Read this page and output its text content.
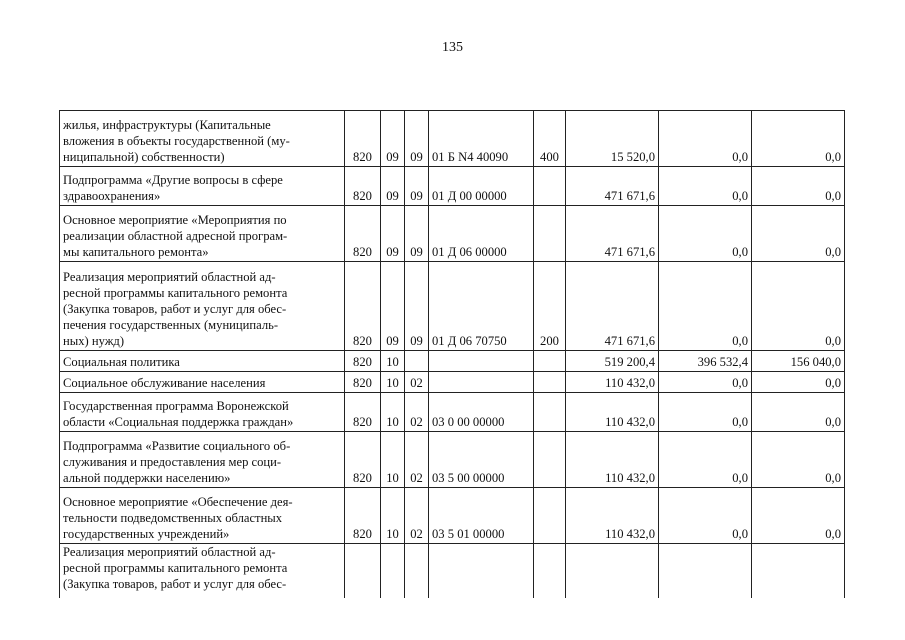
135
жилья, инфраструктуры (Капитальные
вложения в объекты государственной (му-
ниципальной) собственности)	820	09	09	01 Б N4 40090	400	15 520,0	0,0	0,0
Подпрограмма «Другие вопросы в сфере
здравоохранения»	820	09	09	01 Д 00 00000		471 671,6	0,0	0,0
Основное мероприятие «Мероприятия по
реализации областной адресной програм-
мы капитального ремонта»	820	09	09	01 Д 06 00000		471 671,6	0,0	0,0
Реализация мероприятий областной ад-
ресной программы капитального ремонта
(Закупка товаров, работ и услуг для обес-
печения государственных (муниципаль-
ных) нужд)	820	09	09	01 Д 06 70750	200	471 671,6	0,0	0,0
Социальная политика	820	10				519 200,4	396 532,4	156 040,0
Социальное обслуживание населения	820	10	02			110 432,0	0,0	0,0
Государственная программа Воронежской
области «Социальная поддержка граждан»	820	10	02	03 0 00 00000		110 432,0	0,0	0,0
Подпрограмма «Развитие социального об-
служивания и предоставления мер соци-
альной поддержки населению»	820	10	02	03 5 00 00000		110 432,0	0,0	0,0
Основное мероприятие «Обеспечение дея-
тельности подведомственных областных
государственных учреждений»	820	10	02	03 5 01 00000		110 432,0	0,0	0,0
Реализация мероприятий областной ад-
ресной программы капитального ремонта
(Закупка товаров, работ и услуг для обес-								
